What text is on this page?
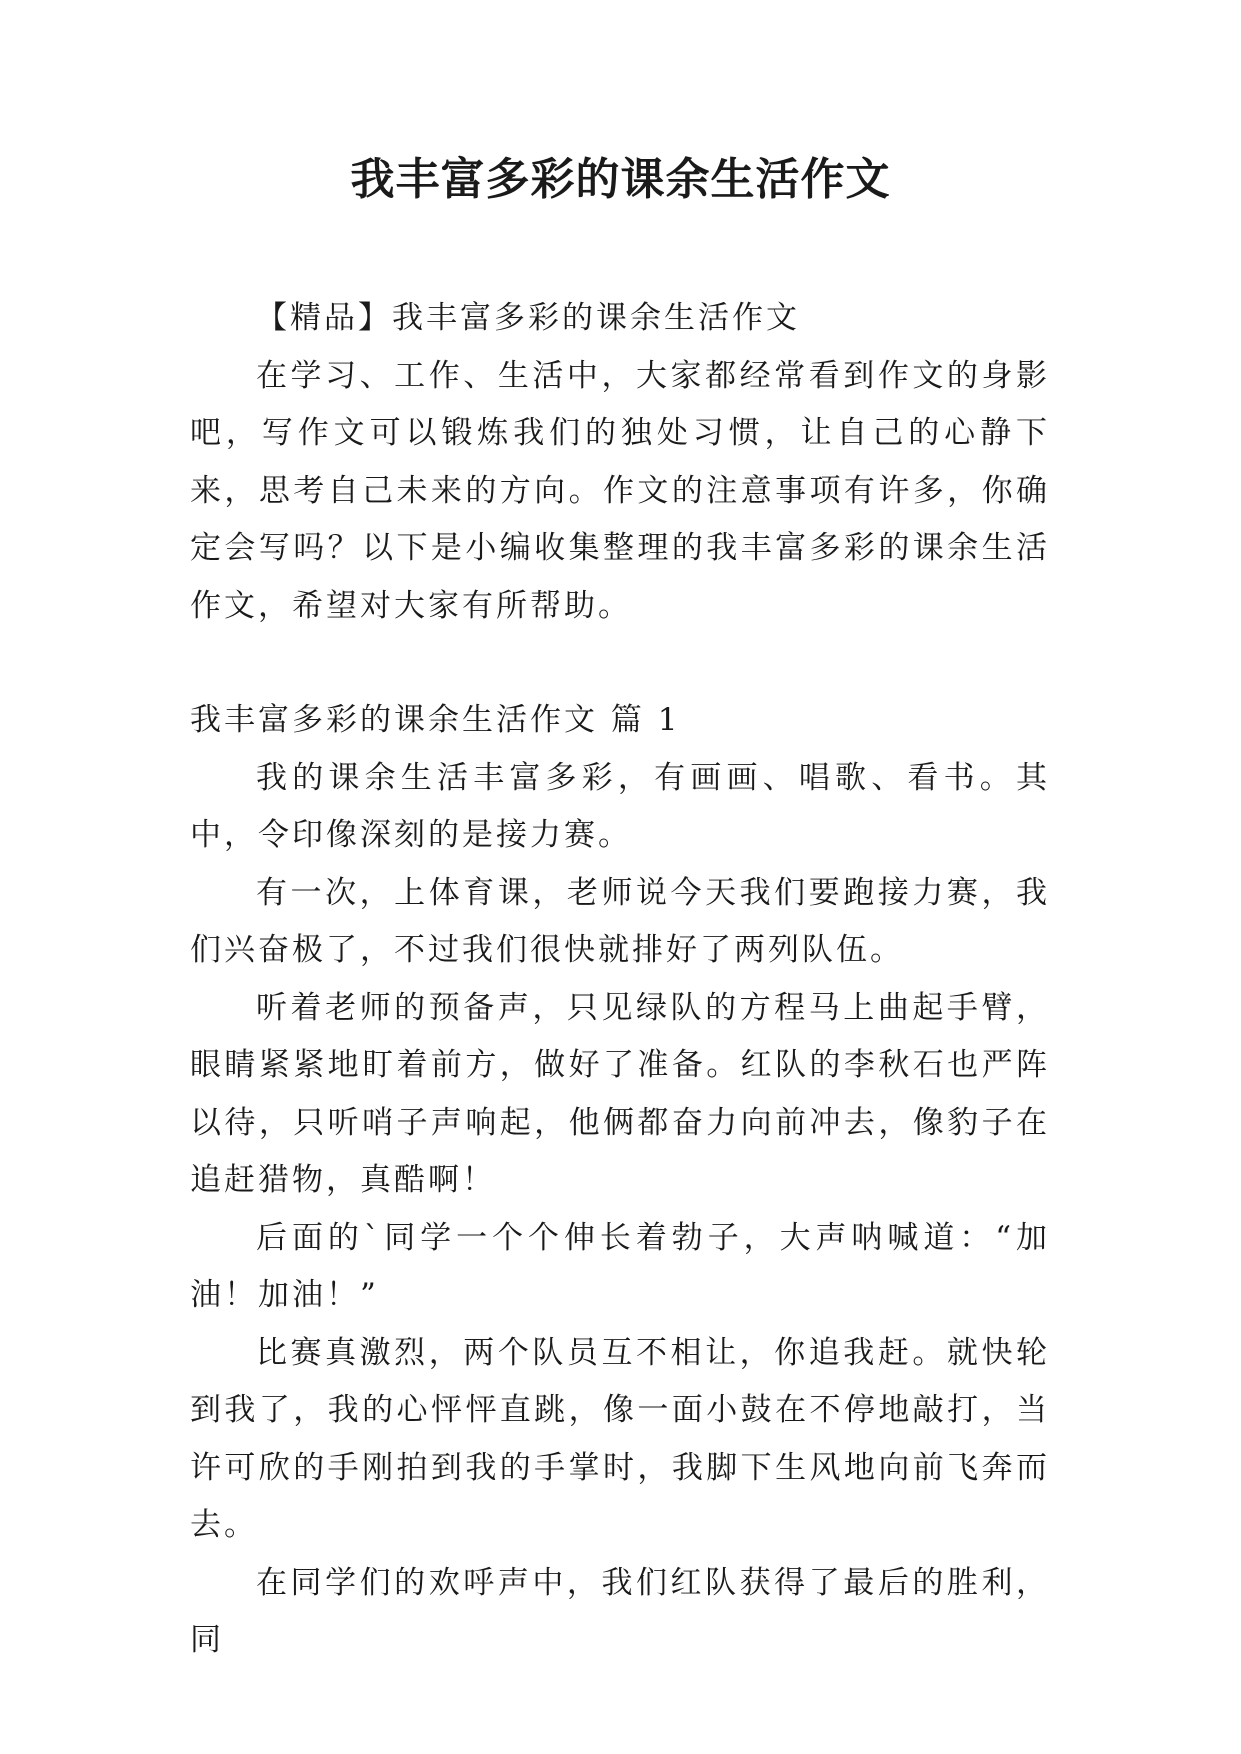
我丰富多彩的课余生活作文

【精品】我丰富多彩的课余生活作文

在学习、工作、生活中，大家都经常看到作文的身影吧，写作文可以锻炼我们的独处习惯，让自己的心静下来，思考自己未来的方向。作文的注意事项有许多，你确定会写吗？以下是小编收集整理的我丰富多彩的课余生活作文，希望对大家有所帮助。

我丰富多彩的课余生活作文 篇 1

我的课余生活丰富多彩，有画画、唱歌、看书。其中，令印像深刻的是接力赛。

有一次，上体育课，老师说今天我们要跑接力赛，我们兴奋极了，不过我们很快就排好了两列队伍。

听着老师的预备声，只见绿队的方程马上曲起手臂，眼睛紧紧地盯着前方，做好了准备。红队的李秋石也严阵以待，只听哨子声响起，他俩都奋力向前冲去，像豹子在追赶猎物，真酷啊！

后面的`同学一个个伸长着勃子，大声呐喊道：“加油！加油！”

比赛真激烈，两个队员互不相让，你追我赶。就快轮到我了，我的心怦怦直跳，像一面小鼓在不停地敲打，当许可欣的手刚拍到我的手掌时，我脚下生风地向前飞奔而去。

在同学们的欢呼声中，我们红队获得了最后的胜利，同
